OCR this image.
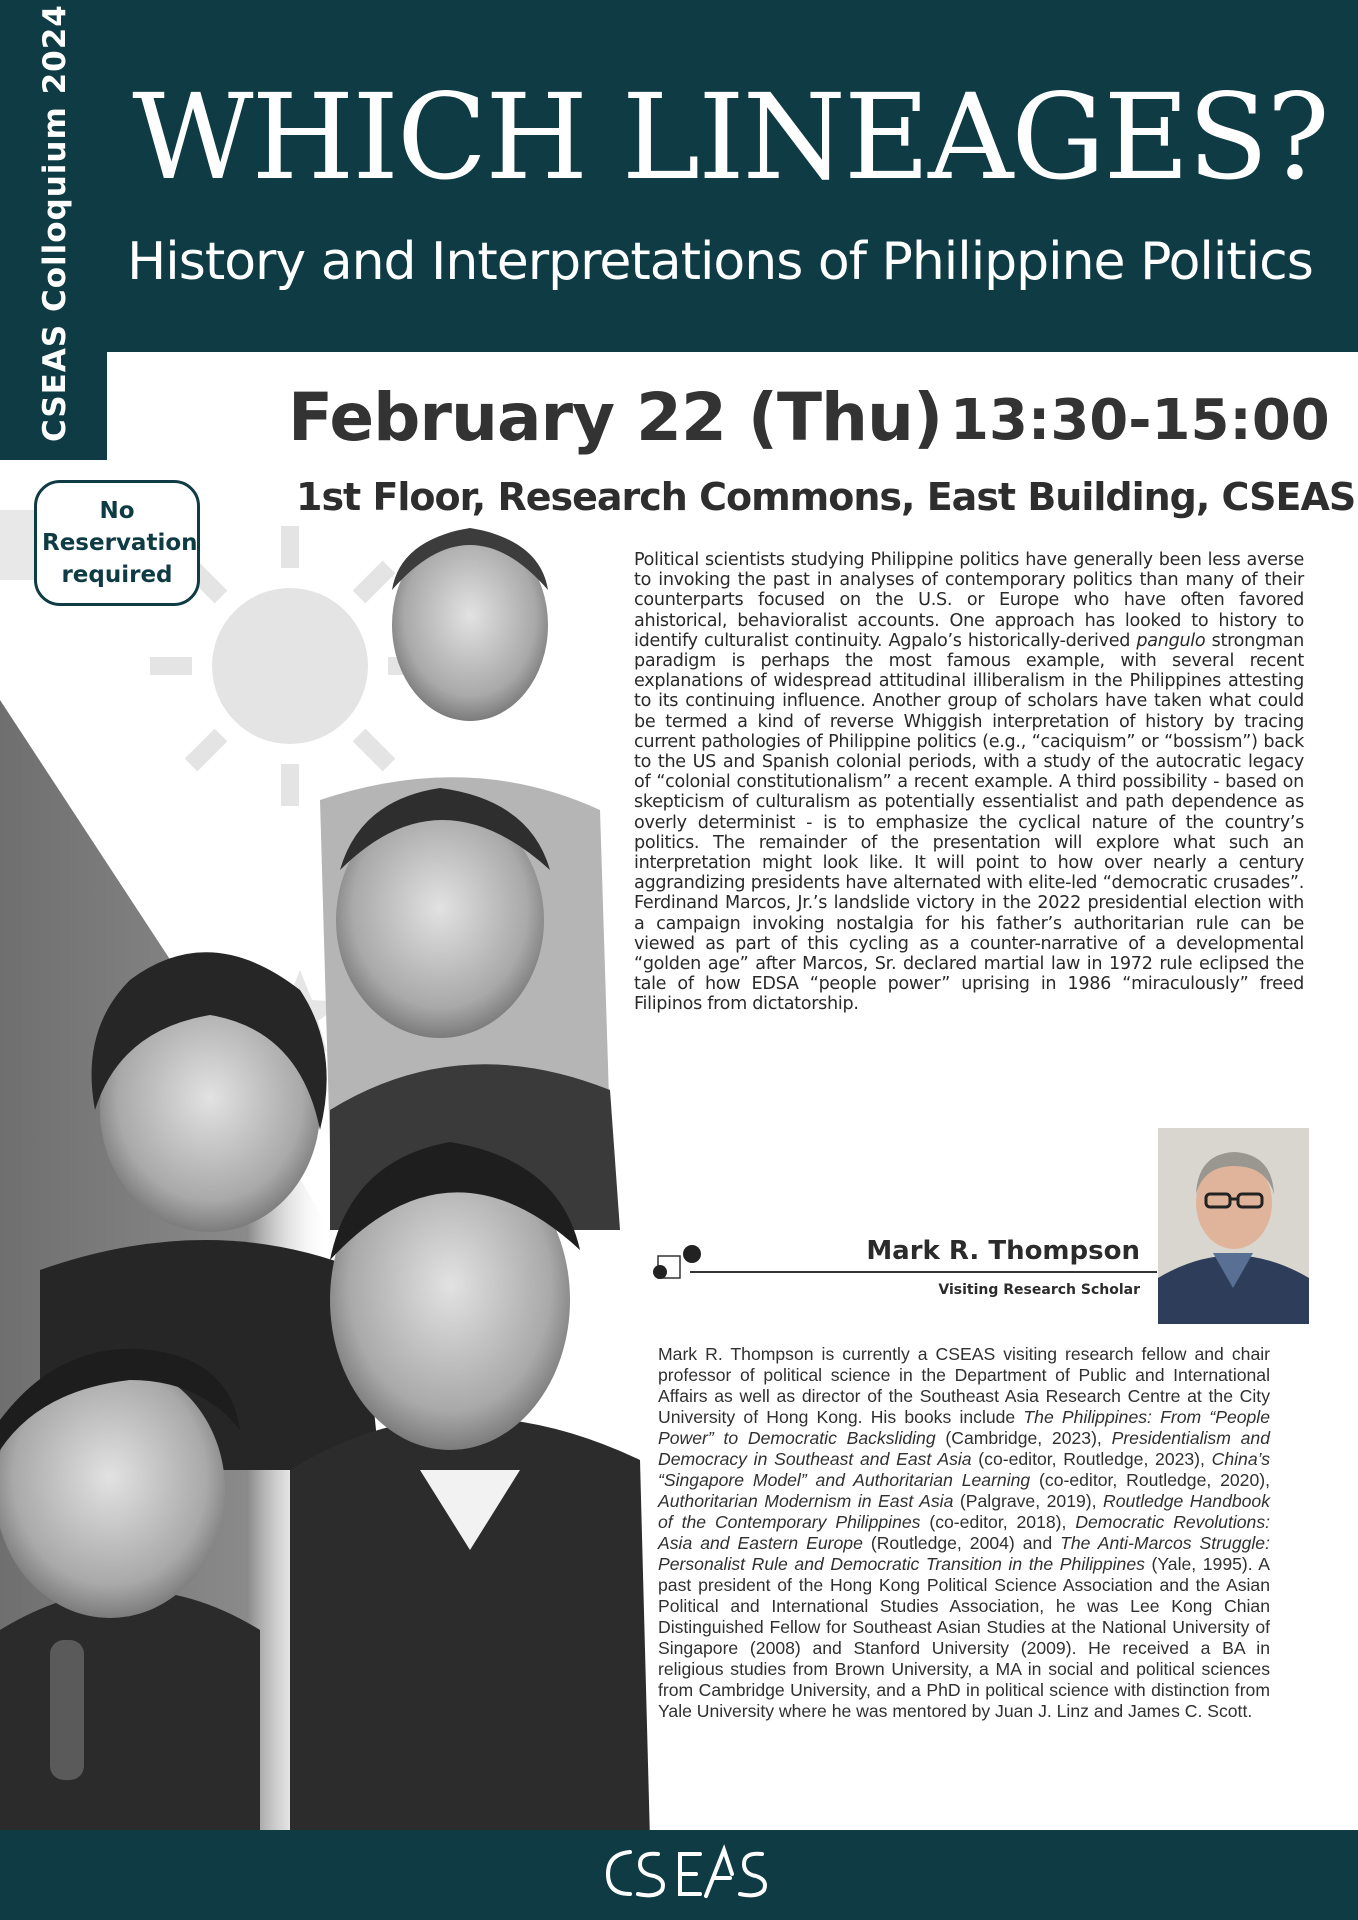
CSEAS Colloquium 2024 WHICH LINEAGES?
History and Interpretations of Philippine Politics
February 22 (Thu) 13:30-15:00
1st Floor, Research Commons, East Building, CSEAS
No Reservation required
Political scientists studying Philippine politics have generally been less averse to invoking the past in analyses of contemporary politics than many of their counterparts focused on the U.S. or Europe who have often favored ahistorical, behavioralist accounts. One approach has looked to history to identify culturalist continuity. Agpalo’s historically-derived pangulo strongman paradigm is perhaps the most famous example, with several recent explanations of widespread attitudinal illiberalism in the Philippines attesting to its continuing influence. Another group of scholars have taken what could be termed a kind of reverse Whiggish interpretation of history by tracing current pathologies of Philippine politics (e.g., “caciquism” or “bossism”) back to the US and Spanish colonial periods, with a study of the autocratic legacy of “colonial constitutionalism” a recent example. A third possibility - based on skepticism of culturalism as potentially essentialist and path dependence as overly determinist - is to emphasize the cyclical nature of the country’s politics. The remainder of the presentation will explore what such an interpretation might look like. It will point to how over nearly a century aggrandizing presidents have alternated with elite-led “democratic crusades”. Ferdinand Marcos, Jr.’s landslide victory in the 2022 presidential election with a campaign invoking nostalgia for his father’s authoritarian rule can be viewed as part of this cycling as a counter-narrative of a developmental “golden age” after Marcos, Sr. declared martial law in 1972 rule eclipsed the tale of how EDSA “people power” uprising in 1986 “miraculously” freed Filipinos from dictatorship.
Mark R. Thompson
Visiting Research Scholar
Mark R. Thompson is currently a CSEAS visiting research fellow and chair professor of political science in the Department of Public and International Affairs as well as director of the Southeast Asia Research Centre at the City University of Hong Kong. His books include The Philippines: From “People Power” to Democratic Backsliding (Cambridge, 2023), Presidentialism and Democracy in Southeast and East Asia (co-editor, Routledge, 2023), China’s “Singapore Model” and Authoritarian Learning (co-editor, Routledge, 2020), Authoritarian Modernism in East Asia (Palgrave, 2019), Routledge Handbook of the Contemporary Philippines (co-editor, 2018), Democratic Revolutions: Asia and Eastern Europe (Routledge, 2004) and The Anti-Marcos Struggle: Personalist Rule and Democratic Transition in the Philippines (Yale, 1995). A past president of the Hong Kong Political Science Association and the Asian Political and International Studies Association, he was Lee Kong Chian Distinguished Fellow for Southeast Asian Studies at the National University of Singapore (2008) and Stanford University (2009). He received a BA in religious studies from Brown University, a MA in social and political sciences from Cambridge University, and a PhD in political science with distinction from Yale University where he was mentored by Juan J. Linz and James C. Scott.
